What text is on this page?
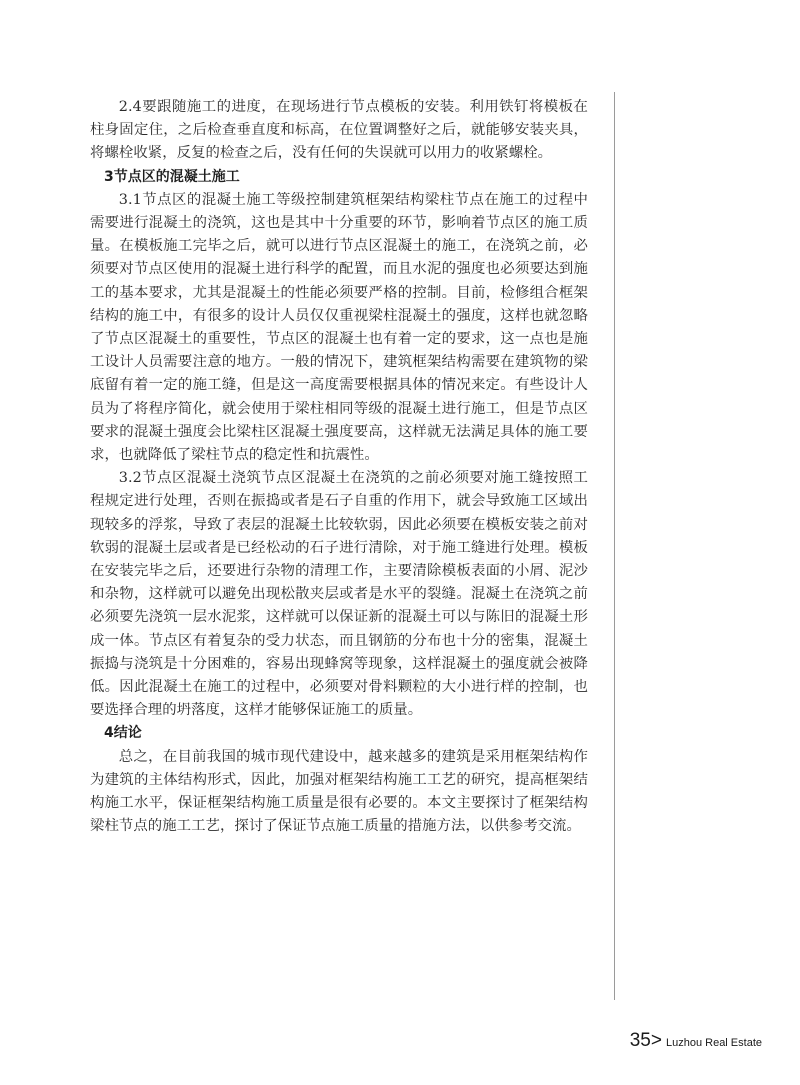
2.4要跟随施工的进度，在现场进行节点模板的安装。利用铁钉将模板在柱身固定住，之后检查垂直度和标高，在位置调整好之后，就能够安装夹具，将螺栓收紧，反复的检查之后，没有任何的失误就可以用力的收紧螺栓。

3节点区的混凝土施工

3.1节点区的混凝土施工等级控制建筑框架结构梁柱节点在施工的过程中需要进行混凝土的浇筑，这也是其中十分重要的环节，影响着节点区的施工质量。在模板施工完毕之后，就可以进行节点区混凝土的施工，在浇筑之前，必须要对节点区使用的混凝土进行科学的配置，而且水泥的强度也必须要达到施工的基本要求，尤其是混凝土的性能必须要严格的控制。目前，检修组合框架结构的施工中，有很多的设计人员仅仅重视梁柱混凝土的强度，这样也就忽略了节点区混凝土的重要性，节点区的混凝土也有着一定的要求，这一点也是施工设计人员需要注意的地方。一般的情况下，建筑框架结构需要在建筑物的梁底留有着一定的施工缝，但是这一高度需要根据具体的情况来定。有些设计人员为了将程序简化，就会使用于梁柱相同等级的混凝土进行施工，但是节点区要求的混凝土强度会比梁柱区混凝土强度要高，这样就无法满足具体的施工要求，也就降低了梁柱节点的稳定性和抗震性。

3.2节点区混凝土浇筑节点区混凝土在浇筑的之前必须要对施工缝按照工程规定进行处理，否则在振捣或者是石子自重的作用下，就会导致施工区域出现较多的浮浆，导致了表层的混凝土比较软弱，因此必须要在模板安装之前对软弱的混凝土层或者是已经松动的石子进行清除，对于施工缝进行处理。模板在安装完毕之后，还要进行杂物的清理工作，主要清除模板表面的小屑、泥沙和杂物，这样就可以避免出现松散夹层或者是水平的裂缝。混凝土在浇筑之前必须要先浇筑一层水泥浆，这样就可以保证新的混凝土可以与陈旧的混凝土形成一体。节点区有着复杂的受力状态，而且钢筋的分布也十分的密集，混凝土振捣与浇筑是十分困难的，容易出现蜂窝等现象，这样混凝土的强度就会被降低。因此混凝土在施工的过程中，必须要对骨料颗粒的大小进行样的控制，也要选择合理的坍落度，这样才能够保证施工的质量。

4结论

总之，在目前我国的城市现代建设中，越来越多的建筑是采用框架结构作为建筑的主体结构形式，因此，加强对框架结构施工工艺的研究，提高框架结构施工水平，保证框架结构施工质量是很有必要的。本文主要探讨了框架结构梁柱节点的施工工艺，探讨了保证节点施工质量的措施方法，以供参考交流。

35 > Luzhou Real Estate
